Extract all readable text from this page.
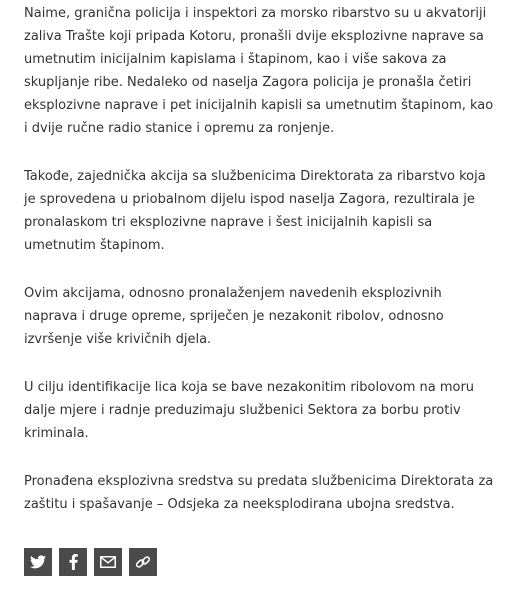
Naime, granična policija i inspektori za morsko ribarstvo su u akvatoriji zaliva Trašte koji pripada Kotoru, pronašli dvije eksplozivne naprave sa umetnutim inicijalnim kapislama i štapinom, kao i više sakova za skupljanje ribe. Nedaleko od naselja Zagora policija je pronašla četiri eksplozivne naprave i pet inicijalnih kapisli sa umetnutim štapinom, kao i dvije ručne radio stanice i opremu za ronjenje.

Takođe, zajednička akcija sa službenicima Direktorata za ribarstvo koja je sprovedena u priobalnom dijelu ispod naselja Zagora, rezultirala je pronalaskom tri eksplozivne naprave i šest inicijalnih kapisli sa umetnutim štapinom.

Ovim akcijama, odnosno pronalaženjem navedenih eksplozivnih naprava i druge opreme, spriječen je nezakonit ribolov, odnosno izvršenje više krivičnih djela.

U cilju identifikacije lica koja se bave nezakonitim ribolovom na moru dalje mjere i radnje preduzimaju službenici Sektora za borbu protiv kriminala.

Pronađena eksplozivna sredstva su predata službenicima Direktorata za zaštitu i spašavanje – Odsjeka za neeksplodirana ubojna sredstva.
